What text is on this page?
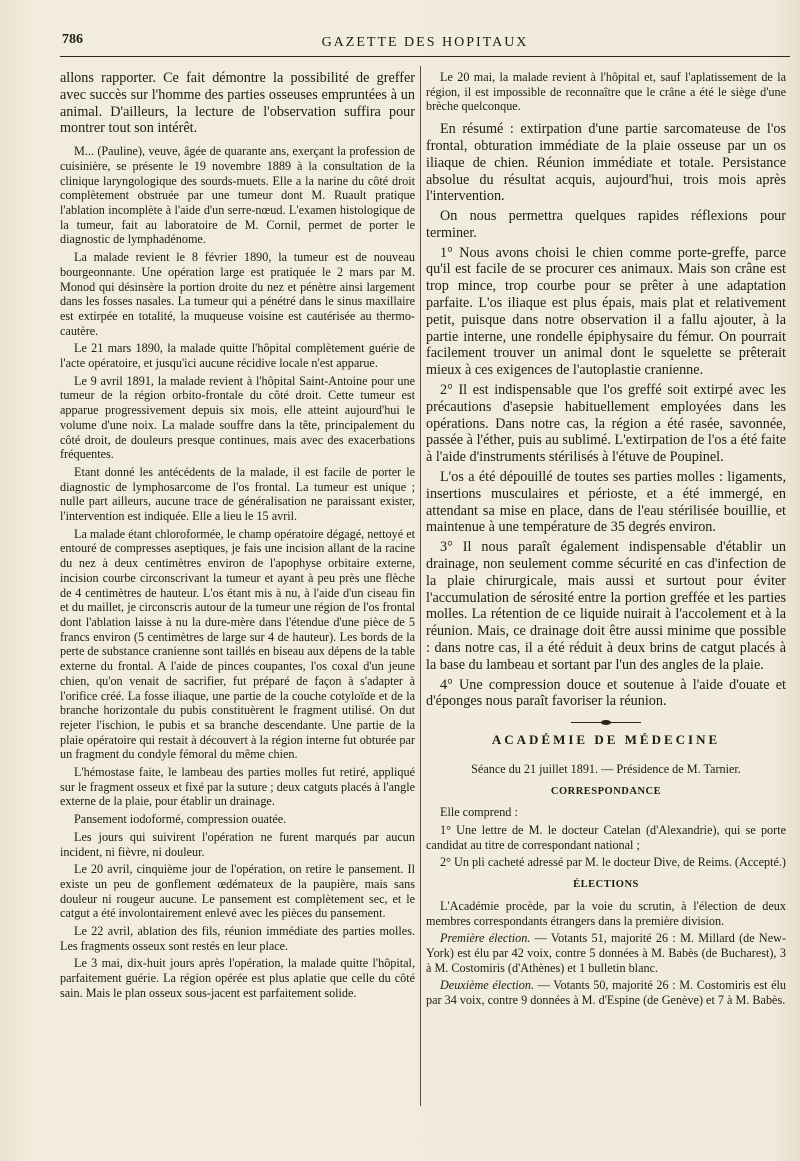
786	GAZETTE DES HOPITAUX

allons rapporter. Ce fait démontre la possibilité de greffer avec succès sur l'homme des parties osseuses empruntées à un animal. D'ailleurs, la lecture de l'observation suffira pour montrer tout son intérêt.

M... (Pauline), veuve, âgée de quarante ans, exerçant la profession de cuisinière, se présente le 19 novembre 1889 à la consultation de la clinique laryngologique des sourds-muets. Elle a la narine du côté droit complètement obstruée par une tumeur dont M. Ruault pratique l'ablation incomplète à l'aide d'un serre-nœud. L'examen histologique de la tumeur, fait au laboratoire de M. Cornil, permet de porter le diagnostic de lymphadénome.

La malade revient le 8 février 1890, la tumeur est de nouveau bourgeonnante. Une opération large est pratiquée le 2 mars par M. Monod qui désinsère la portion droite du nez et pénètre ainsi largement dans les fosses nasales. La tumeur qui a pénétré dans le sinus maxillaire est extirpée en totalité, la muqueuse voisine est cautérisée au thermo-cautère.

Le 21 mars 1890, la malade quitte l'hôpital complètement guérie de l'acte opératoire, et jusqu'ici aucune récidive locale n'est apparue.

Le 9 avril 1891, la malade revient à l'hôpital Saint-Antoine pour une tumeur de la région orbito-frontale du côté droit. Cette tumeur est apparue progressivement depuis six mois, elle atteint aujourd'hui le volume d'une noix. La malade souffre dans la tête, principalement du côté droit, de douleurs presque continues, mais avec des exacerbations fréquentes.

Etant donné les antécédents de la malade, il est facile de porter le diagnostic de lymphosarcome de l'os frontal. La tumeur est unique ; nulle part ailleurs, aucune trace de généralisation ne paraissant exister, l'intervention est indiquée. Elle a lieu le 15 avril.

La malade étant chloroformée, le champ opératoire dégagé, nettoyé et entouré de compresses aseptiques, je fais une incision allant de la racine du nez à deux centimètres environ de l'apophyse orbitaire externe, incision courbe circonscrivant la tumeur et ayant à peu près une flèche de 4 centimètres de hauteur. L'os étant mis à nu, à l'aide d'un ciseau fin et du maillet, je circonscris autour de la tumeur une région de l'os frontal dont l'ablation laisse à nu la dure-mère dans l'étendue d'une pièce de 5 francs environ (5 centimètres de large sur 4 de hauteur). Les bords de la perte de substance cranienne sont taillés en biseau aux dépens de la table externe du frontal. A l'aide de pinces coupantes, l'os coxal d'un jeune chien, qu'on venait de sacrifier, fut préparé de façon à s'adapter à l'orifice créé. La fosse iliaque, une partie de la couche cotyloïde et de la branche horizontale du pubis constituèrent le fragment utilisé. On dut rejeter l'ischion, le pubis et sa branche descendante. Une partie de la plaie opératoire qui restait à découvert à la région interne fut obturée par un fragment du condyle fémoral du même chien.

L'hémostase faite, le lambeau des parties molles fut retiré, appliqué sur le fragment osseux et fixé par la suture ; deux catguts placés à l'angle externe de la plaie, pour établir un drainage.

Pansement iodoformé, compression ouatée.

Les jours qui suivirent l'opération ne furent marqués par aucun incident, ni fièvre, ni douleur.

Le 20 avril, cinquième jour de l'opération, on retire le pansement. Il existe un peu de gonflement œdémateux de la paupière, mais sans douleur ni rougeur aucune. Le pansement est complètement sec, et le catgut a été involontairement enlevé avec les pièces du pansement.

Le 22 avril, ablation des fils, réunion immédiate des parties molles. Les fragments osseux sont restés en leur place.

Le 3 mai, dix-huit jours après l'opération, la malade quitte l'hôpital, parfaitement guérie. La région opérée est plus aplatie que celle du côté sain. Mais le plan osseux sous-jacent est parfaitement solide.

Le 20 mai, la malade revient à l'hôpital et, sauf l'aplatissement de la région, il est impossible de reconnaître que le crâne a été le siège d'une brèche quelconque.

En résumé : extirpation d'une partie sarcomateuse de l'os frontal, obturation immédiate de la plaie osseuse par un os iliaque de chien. Réunion immédiate et totale. Persistance absolue du résultat acquis, aujourd'hui, trois mois après l'intervention.

On nous permettra quelques rapides réflexions pour terminer.

1° Nous avons choisi le chien comme porte-greffe, parce qu'il est facile de se procurer ces animaux. Mais son crâne est trop mince, trop courbe pour se prêter à une adaptation parfaite. L'os iliaque est plus épais, mais plat et relativement petit, puisque dans notre observation il a fallu ajouter, à la partie interne, une rondelle épiphysaire du fémur. On pourrait facilement trouver un animal dont le squelette se prêterait mieux à ces exigences de l'autoplastie cranienne.

2° Il est indispensable que l'os greffé soit extirpé avec les précautions d'asepsie habituellement employées dans les opérations. Dans notre cas, la région a été rasée, savonnée, passée à l'éther, puis au sublimé. L'extirpation de l'os a été faite à l'aide d'instruments stérilisés à l'étuve de Poupinel.

L'os a été dépouillé de toutes ses parties molles : ligaments, insertions musculaires et périoste, et a été immergé, en attendant sa mise en place, dans de l'eau stérilisée bouillie, et maintenue à une température de 35 degrés environ.

3° Il nous paraît également indispensable d'établir un drainage, non seulement comme sécurité en cas d'infection de la plaie chirurgicale, mais aussi et surtout pour éviter l'accumulation de sérosité entre la portion greffée et les parties molles. La rétention de ce liquide nuirait à l'accolement et à la réunion. Mais, ce drainage doit être aussi minime que possible : dans notre cas, il a été réduit à deux brins de catgut placés à la base du lambeau et sortant par l'un des angles de la plaie.

4° Une compression douce et soutenue à l'aide d'ouate et d'éponges nous paraît favoriser la réunion.

ACADÉMIE DE MÉDECINE

Séance du 21 juillet 1891. — Présidence de M. Tarnier.

CORRESPONDANCE

Elle comprend :

1° Une lettre de M. le docteur Catelan (d'Alexandrie), qui se porte candidat au titre de correspondant national ;

2° Un pli cacheté adressé par M. le docteur Dive, de Reims. (Accepté.)

ÉLECTIONS

L'Académie procède, par la voie du scrutin, à l'élection de deux membres correspondants étrangers dans la première division.

Première élection. — Votants 51, majorité 26 : M. Millard (de New-York) est élu par 42 voix, contre 5 données à M. Babès (de Bucharest), 3 à M. Costomiris (d'Athènes) et 1 bulletin blanc.

Deuxième élection. — Votants 50, majorité 26 : M. Costomiris est élu par 34 voix, contre 9 données à M. d'Espine (de Genève) et 7 à M. Babès.
